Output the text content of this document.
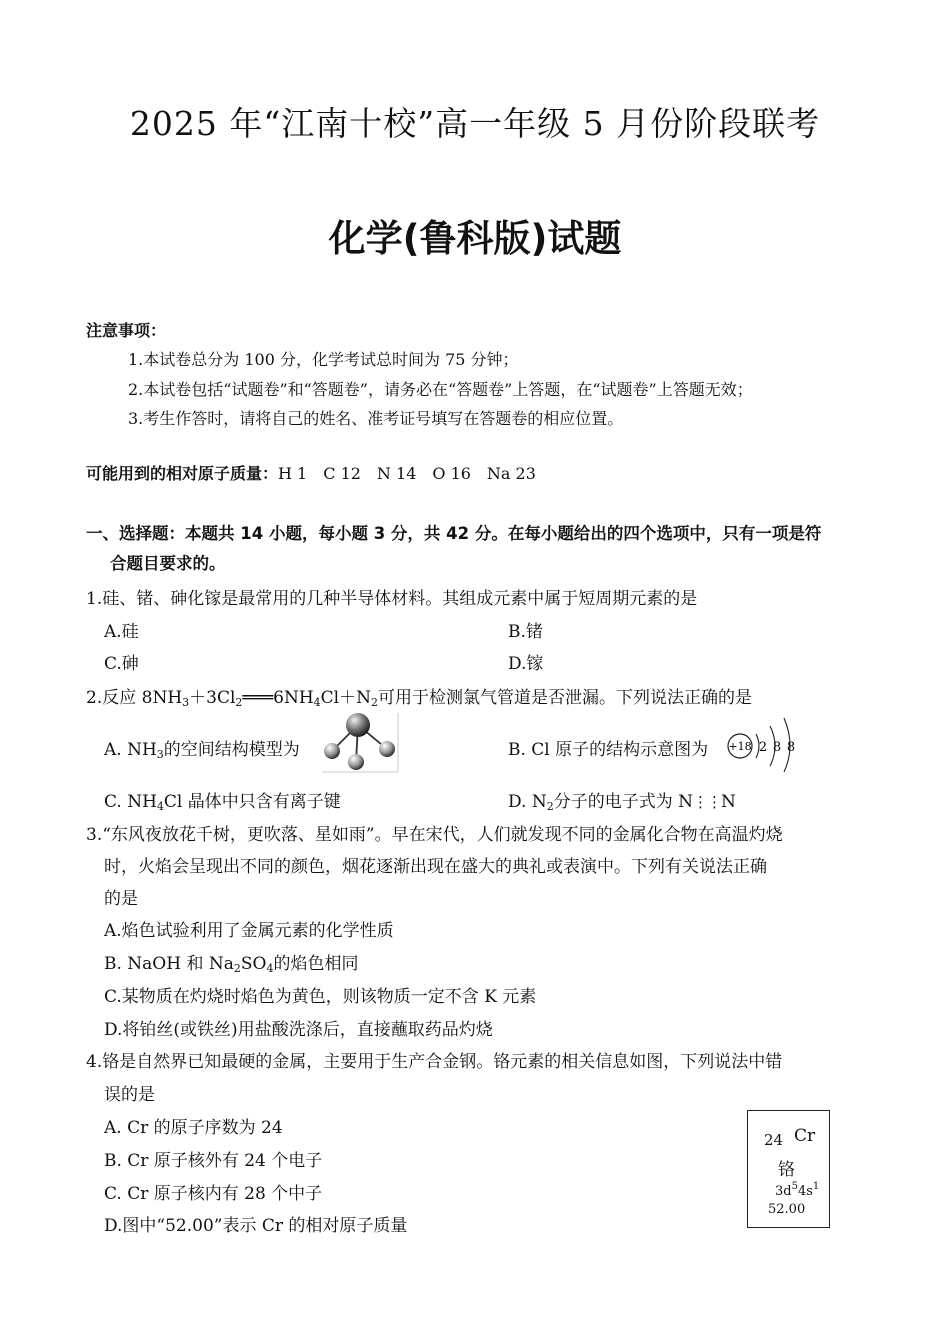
2025 年“江南十校”高一年级 5 月份阶段联考
化学(鲁科版)试题
注意事项：
1.本试卷总分为 100 分，化学考试总时间为 75 分钟；
2.本试卷包括“试题卷”和“答题卷”，请务必在“答题卷”上答题，在“试题卷”上答题无效；
3.考生作答时，请将自己的姓名、准考证号填写在答题卷的相应位置。
可能用到的相对原子质量：H 1　C 12　N 14　O 16　Na 23
一、选择题：本题共 14 小题，每小题 3 分，共 42 分。在每小题给出的四个选项中，只有一项是符
合题目要求的。
1.硅、锗、砷化镓是最常用的几种半导体材料。其组成元素中属于短周期元素的是
A.硅	B.锗
C.砷	D.镓
2.反应 $8NH_3+3Cl_2═══6NH_4Cl+N_2$可用于检测氯气管道是否泄漏。下列说法正确的是
A. $NH_3$的空间结构模型为	B. Cl 原子的结构示意图为 +18 2 8 8
C. $NH_4Cl$ 晶体中只含有离子键	D. $N_2$分子的电子式为 N⋮⋮N
3.“东风夜放花千树，更吹落、星如雨”。早在宋代，人们就发现不同的金属化合物在高温灼烧
时，火焰会呈现出不同的颜色，烟花逐渐出现在盛大的典礼或表演中。下列有关说法正确
的是
A.焰色试验利用了金属元素的化学性质
B. NaOH 和 $Na_2SO_4$的焰色相同
C.某物质在灼烧时焰色为黄色，则该物质一定不含 K 元素
D.将铂丝(或铁丝)用盐酸洗涤后，直接蘸取药品灼烧
4.铬是自然界已知最硬的金属，主要用于生产合金钢。铬元素的相关信息如图，下列说法中错
误的是
A. Cr 的原子序数为 24
B. Cr 原子核外有 24 个电子
C. Cr 原子核内有 28 个中子
D.图中“52.00”表示 Cr 的相对原子质量
24 Cr
铬
$3d^54s^1$
52.00
